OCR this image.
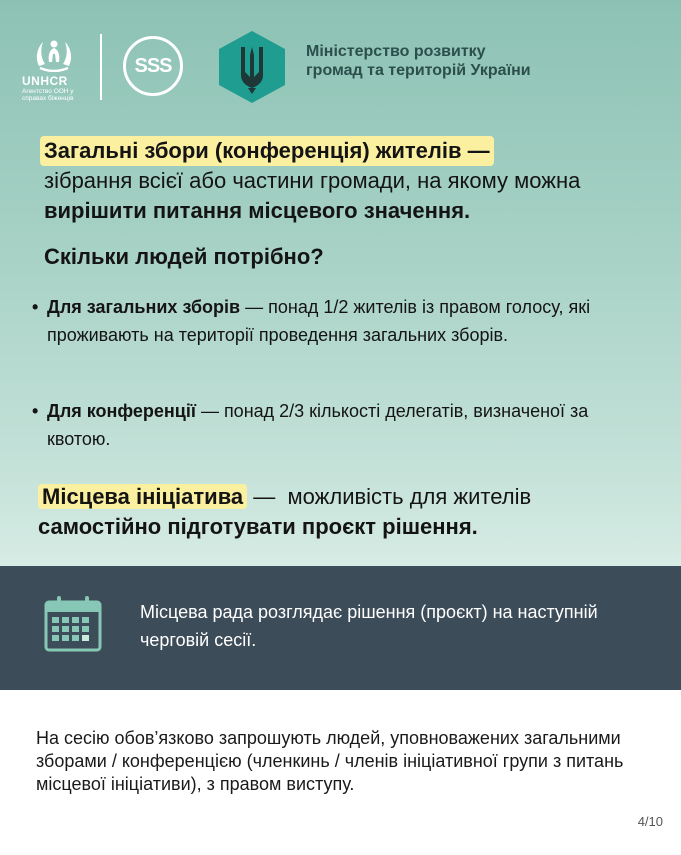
UNHCR
Агентство ООН у справах біженців
SSS
Міністерство розвитку громад та територій України
Загальні збори (конференція) жителів —
зібрання всієї або частини громади, на якому можна вирішити питання місцевого значення.
Скільки людей потрібно?
• Для загальних зборів — понад 1/2 жителів із правом голосу, які проживають на території проведення загальних зборів.
• Для конференції — понад 2/3 кількості делегатів, визначеної за квотою.
Місцева ініціатива —  можливість для жителів
самостійно підготувати проєкт рішення.
Місцева рада розглядає рішення (проєкт) на наступній черговій сесії.
На сесію обов’язково запрошують людей, уповноважених загальними зборами / конференцією (членкинь / членів ініціативної групи з питань місцевої ініціативи), з правом виступу.
4/10
